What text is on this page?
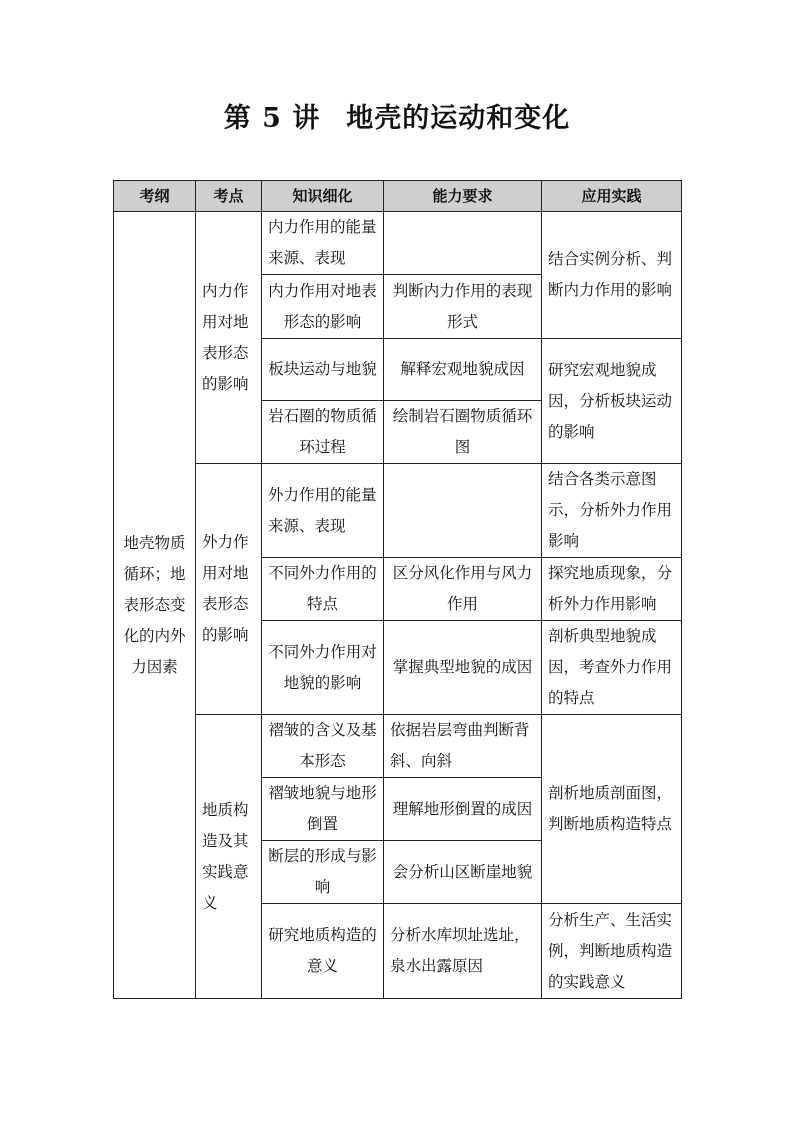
第 5 讲 地壳的运动和变化
考纲	考点	知识细化	能力要求	应用实践
地壳物质循环；地表形态变化的内外力因素	内力作用对地表形态的影响	内力作用的能量来源、表现		结合实例分析、判断内力作用的影响
		内力作用对地表形态的影响	判断内力作用的表现形式	
		板块运动与地貌	解释宏观地貌成因	研究宏观地貌成因，分析板块运动的影响
		岩石圈的物质循环过程	绘制岩石圈物质循环图	
	外力作用对地表形态的影响	外力作用的能量来源、表现		结合各类示意图示，分析外力作用影响
		不同外力作用的特点	区分风化作用与风力作用	探究地质现象，分析外力作用影响
		不同外力作用对地貌的影响	掌握典型地貌的成因	剖析典型地貌成因，考查外力作用的特点
	地质构造及其实践意义	褶皱的含义及基本形态	依据岩层弯曲判断背斜、向斜	剖析地质剖面图，判断地质构造特点
		褶皱地貌与地形倒置	理解地形倒置的成因	
		断层的形成与影响	会分析山区断崖地貌	
		研究地质构造的意义	分析水库坝址选址，泉水出露原因	分析生产、生活实例，判断地质构造的实践意义
